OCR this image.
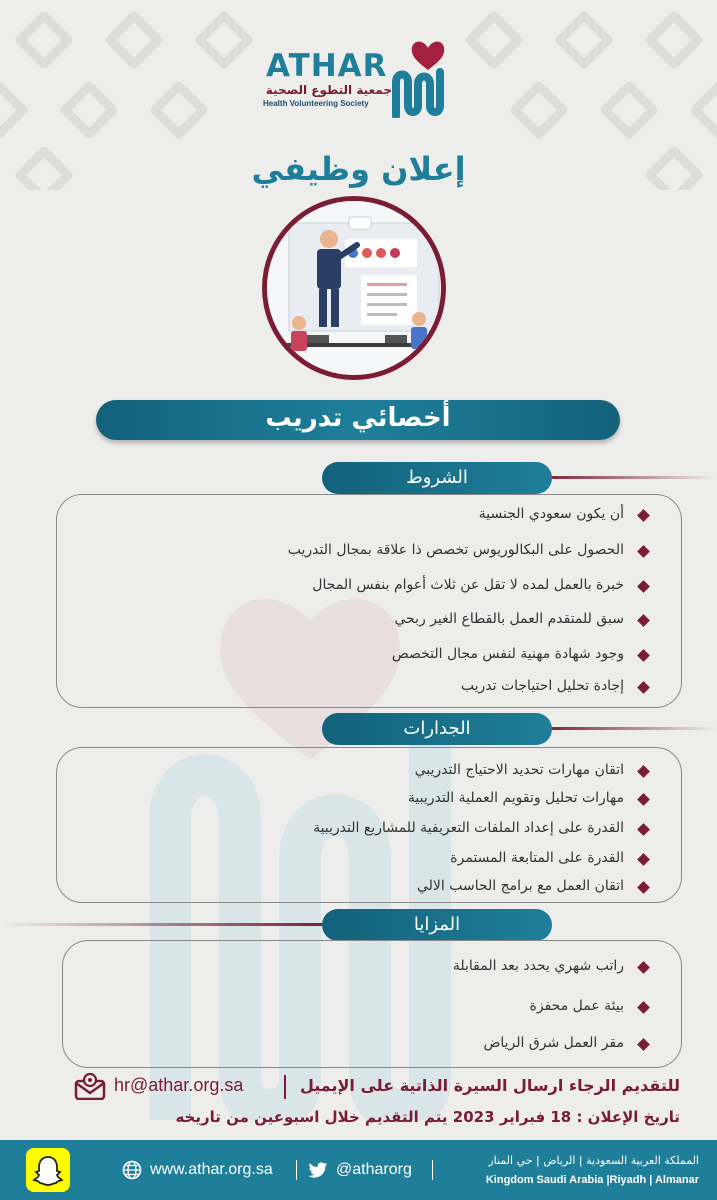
ATHAR
جمعية التطوع الصحية
Health Volunteering Society
إعلان وظيفي
أخصائي تدريب
الشروط
أن يكون سعودي الجنسية
الحصول على البكالوريوس تخصص ذا علاقة بمجال التدريب
خبرة بالعمل لمده لا تقل عن ثلاث أعوام بنفس المجال
سبق للمتقدم العمل بالقطاع الغير ربحي
وجود شهادة مهنية لنفس مجال التخصص
إجادة تحليل احتياجات تدريب
الجدارات
اتقان مهارات تحديد الاحتياج التدريبي
مهارات تحليل وتقويم العملية التدريبية
القدرة على إعداد الملفات التعريفية للمشاريع التدريبية
القدرة على المتابعة المستمرة
اتقان العمل مع برامج الحاسب الالي
المزايا
راتب شهري يحدد بعد المقابلة
بيئة عمل محفزة
مقر العمل شرق الرياض
للتقديم الرجاء ارسال السيرة الذاتية على الإيميل
hr@athar.org.sa
تاريخ الإعلان : 18 فبراير 2023 يتم التقديم خلال اسبوعين من تاريخه
www.athar.org.sa	@atharorg
المملكة العربية السعودية | الرياض | حي المنار
Kingdom Saudi Arabia |Riyadh | Almanar
